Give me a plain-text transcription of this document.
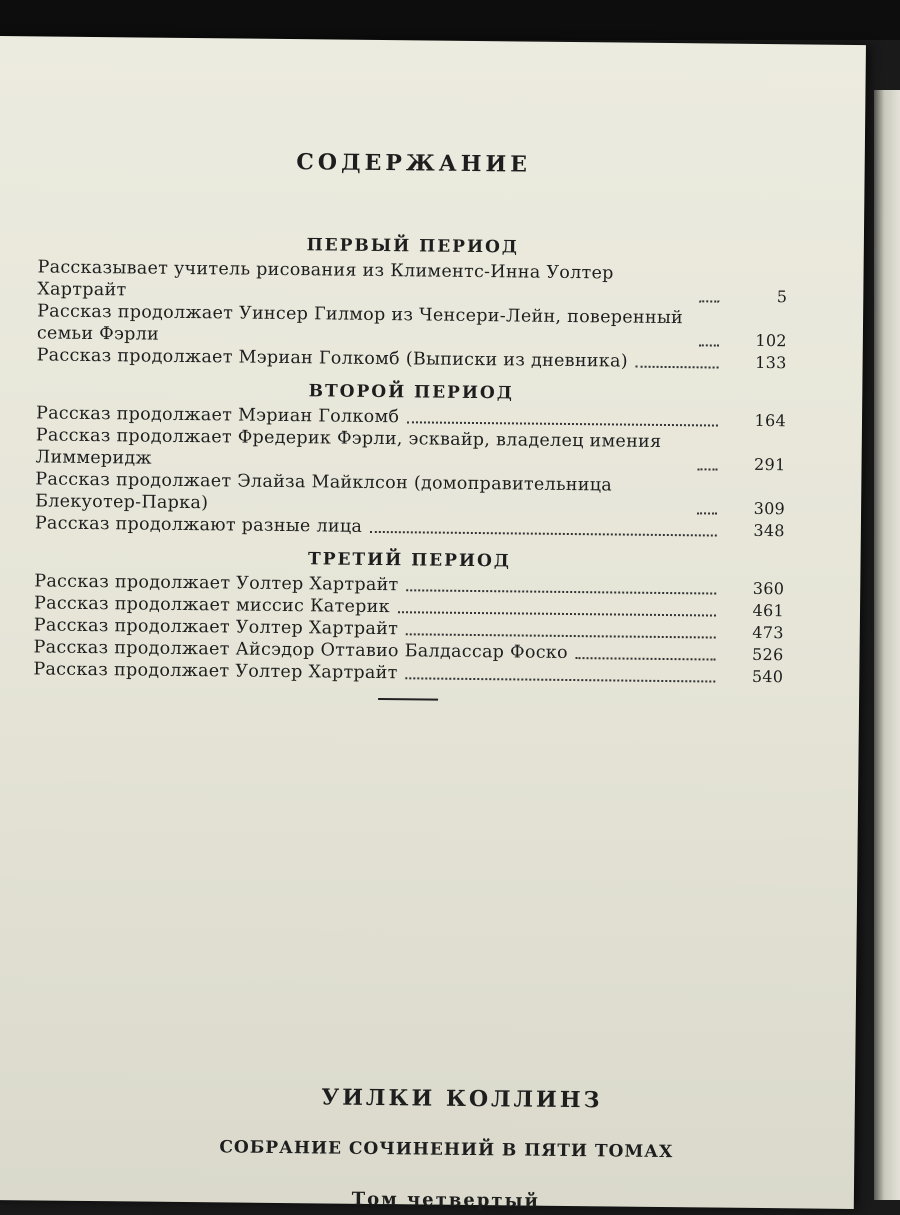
СОДЕРЖАНИЕ
ПЕРВЫЙ ПЕРИОД
Рассказывает учитель рисования из Климентс-Инна Уолтер Хартрайт	5
Рассказ продолжает Уинсер Гилмор из Ченсери-Лейн, поверенный семьи Фэрли	102
Рассказ продолжает Мэриан Голкомб (Выписки из дневника)	133
ВТОРОЙ ПЕРИОД
Рассказ продолжает Мэриан Голкомб	164
Рассказ продолжает Фредерик Фэрли, эсквайр, владелец имения Лиммеридж	291
Рассказ продолжает Элайза Майклсон (домоправительница Блекуотер-Парка)	309
Рассказ продолжают разные лица	348
ТРЕТИЙ ПЕРИОД
Рассказ продолжает Уолтер Хартрайт	360
Рассказ продолжает миссис Катерик	461
Рассказ продолжает Уолтер Хартрайт	473
Рассказ продолжает Айсэдор Оттавио Балдассар Фоско	526
Рассказ продолжает Уолтер Хартрайт	540
УИЛКИ КОЛЛИНЗ
СОБРАНИЕ СОЧИНЕНИЙ В ПЯТИ ТОМАХ
Том четвертый
